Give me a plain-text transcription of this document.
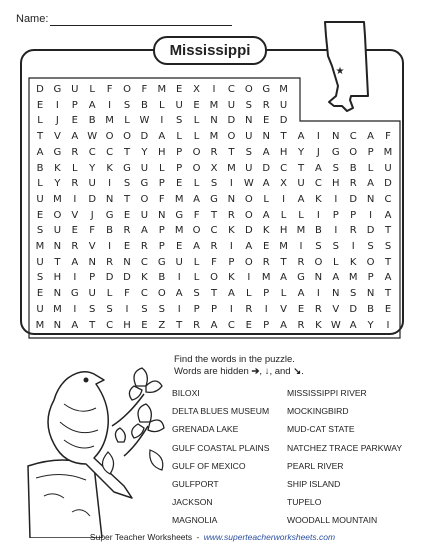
Name:
Mississippi
★
D G U	L	F	O	F	M E	X	I	C O G M
E	I	P	A	I	S	B	L	U	E M U	S	R	U
L	J	E	B M	L W	I	S	L	N D N	E	D
T	V	A W O O D	A	L	L	M O U N	T	A	I	N	C	A	F
A	G	R	C	C	T	Y	H	P	O R	T	S	A	H	Y	J	G O	P	M
B	K	L	Y	K	G U	L	P	O	X M U D	C	T	A	S	B	L	U
L	Y	R	U	I	S	G	P	E	L	S	I	W A	X	U	C	H	R	A	D
U M	I	D N	T	O	F	M A	G N O	L	I	A	K	I	D N	C
E	O	V	J	G	E	U	N G	F	T	R	O	A	L	L	I	P	P	I	A
S	U	E	F	B	R	A	P	M O C	K	D	K	H M B	I	R	D	T
M N	R	V	I	E	R	P	E	A	R	I	A	E M	I	S	S	I	S	S
U	T	A	N	R	N	C	G U	L	F	P	O R	T	R O	L	K	O	T
S	H	I	P	D D	K	B	I	L	O	K	I	M A	G N	A M	P	A
E	N G U	L	F	C O	A	S	T	A	L	P	L	A	I	N	S	N	T
U M	I	S	S	I	S	S	I	P	P	I	R	I	V	E	R	V	D	B	E
M N	A	T	C	H	E	Z	T	R	A	C	E	P	A	R	K W A	Y	I
Find the words in the puzzle.
Words are hidden ➔, ↓, and ↘.
BILOXI
DELTA BLUES MUSEUM
GRENADA LAKE
GULF COASTAL PLAINS
GULF OF MEXICO
GULFPORT
JACKSON
MAGNOLIA
MISSISSIPPI RIVER
MOCKINGBIRD
MUD-CAT STATE
NATCHEZ TRACE PARKWAY
PEARL RIVER
SHIP ISLAND
TUPELO
WOODALL MOUNTAIN
Super Teacher Worksheets - www.superteacherworksheets.com
